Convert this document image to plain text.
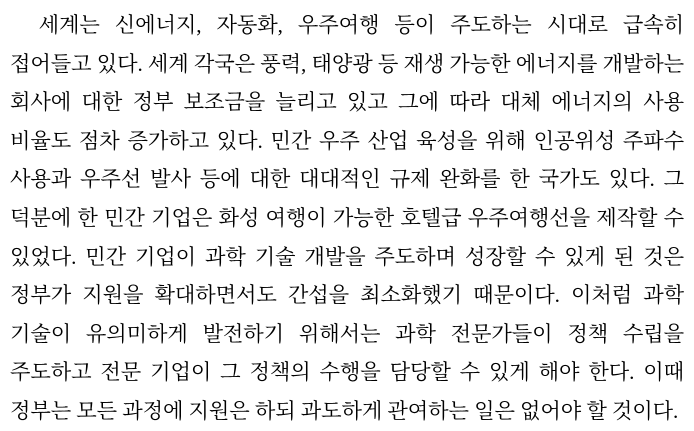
세계는 신에너지, 자동화, 우주여행 등이 주도하는 시대로 급속히 접어들고 있다. 세계 각국은 풍력, 태양광 등 재생 가능한 에너지를 개발하는 회사에 대한 정부 보조금을 늘리고 있고 그에 따라 대체 에너지의 사용 비율도 점차 증가하고 있다. 민간 우주 산업 육성을 위해 인공위성 주파수 사용과 우주선 발사 등에 대한 대대적인 규제 완화를 한 국가도 있다. 그 덕분에 한 민간 기업은 화성 여행이 가능한 호텔급 우주여행선을 제작할 수 있었다. 민간 기업이 과학 기술 개발을 주도하며 성장할 수 있게 된 것은 정부가 지원을 확대하면서도 간섭을 최소화했기 때문이다. 이처럼 과학 기술이 유의미하게 발전하기 위해서는 과학 전문가들이 정책 수립을 주도하고 전문 기업이 그 정책의 수행을 담당할 수 있게 해야 한다. 이때 정부는 모든 과정에 지원은 하되 과도하게 관여하는 일은 없어야 할 것이다.
